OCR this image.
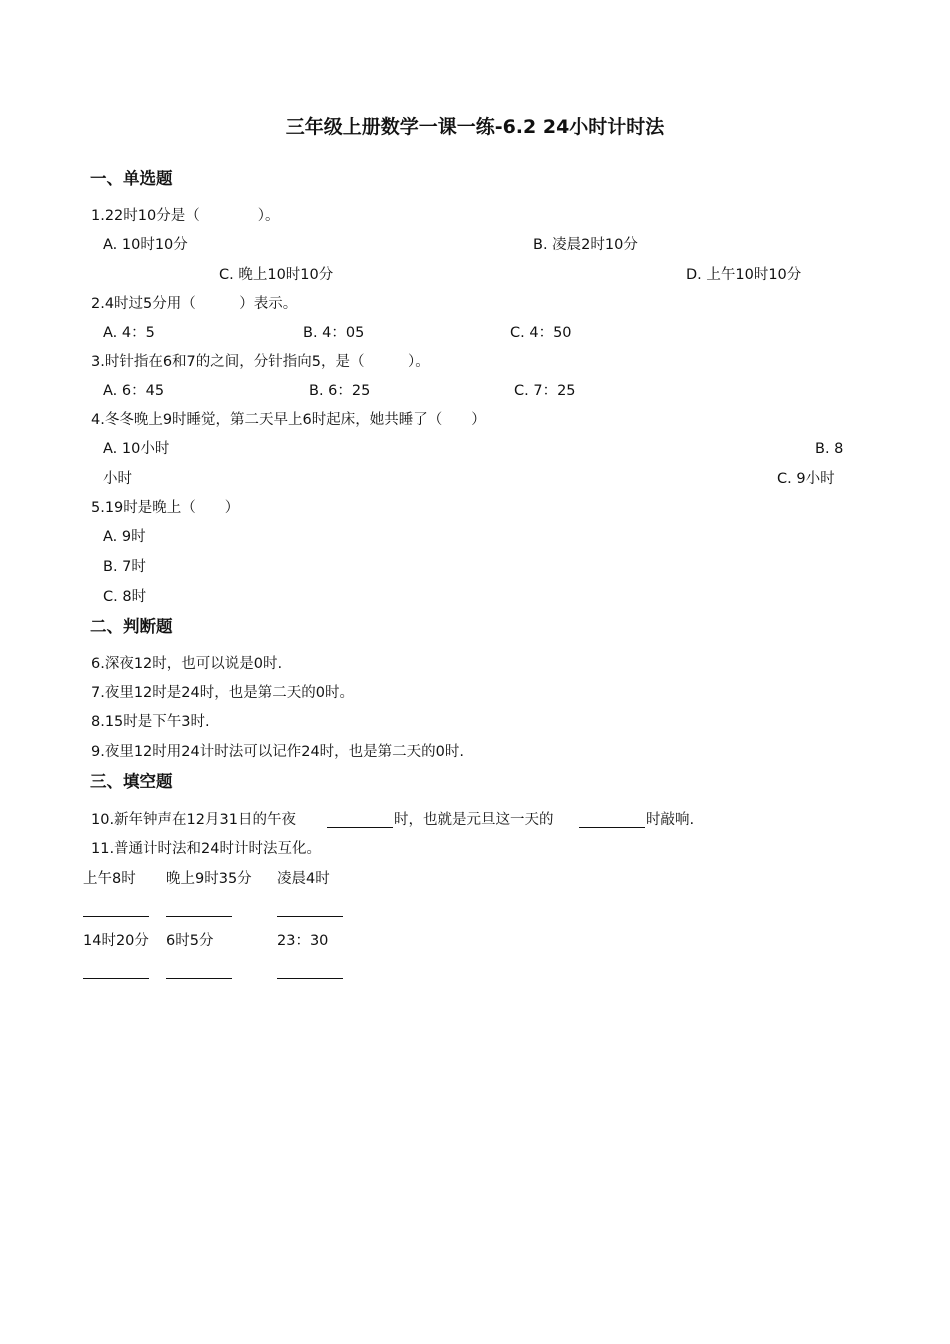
三年级上册数学一课一练-6.2 24小时计时法
一、单选题
1.22时10分是（　　　　）。
A. 10时10分	B. 凌晨2时10分
C. 晚上10时10分	D. 上午10时10分
2.4时过5分用（　　　）表示。
A. 4：5	B. 4：05	C. 4：50
3.时针指在6和7的之间，分针指向5，是（　　　）。
A. 6：45	B. 6：25	C. 7：25
4.冬冬晚上9时睡觉，第二天早上6时起床，她共睡了（　　）
A. 10小时	B. 8
小时	C. 9小时
5.19时是晚上（　　）
A. 9时
B. 7时
C. 8时
二、判断题
6.深夜12时，也可以说是0时.
7.夜里12时是24时，也是第二天的0时。
8.15时是下午3时.
9.夜里12时用24计时法可以记作24时，也是第二天的0时.
三、填空题
10.新年钟声在12月31日的午夜	时，也就是元旦这一天的	时敲响.
11.普通计时法和24时计时法互化。
上午8时 晚上9时35分 凌晨4时
14时20分 6时5分	23：30
